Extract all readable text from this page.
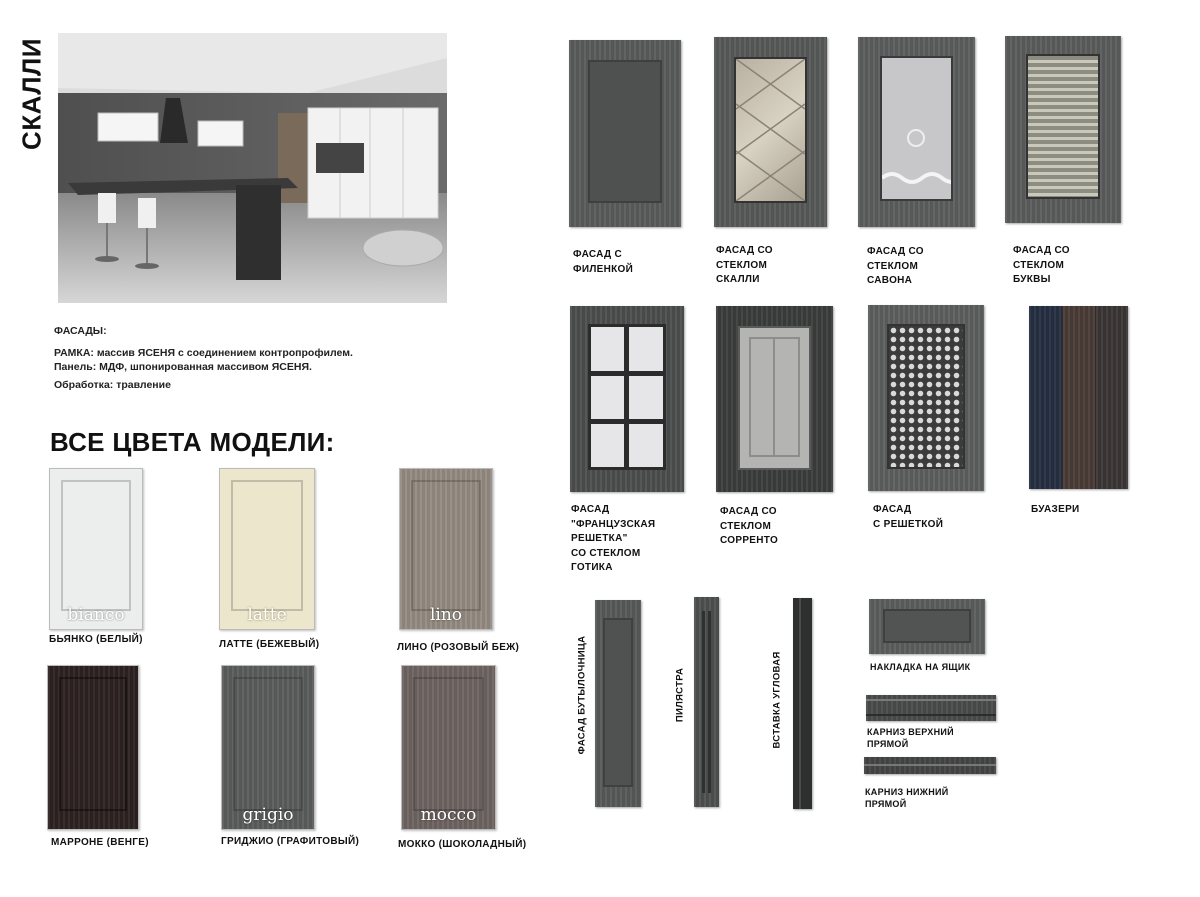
СКАЛЛИ
ФАСАДЫ:
РАМКА: массив ЯСЕНЯ с соединением контропрофилем.
Панель: МДФ, шпонированная массивом ЯСЕНЯ.
Обработка: травление
ВСЕ ЦВЕТА МОДЕЛИ:
bianco
БЬЯНКО (БЕЛЫЙ)
latte
ЛАТТЕ (БЕЖЕВЫЙ)
lino
ЛИНО (РОЗОВЫЙ БЕЖ)
МАРРОНЕ (ВЕНГЕ)
grigio
ГРИДЖИО (ГРАФИТОВЫЙ)
mocco
МОККО (ШОКОЛАДНЫЙ)
ФАСАД С
ФИЛЕНКОЙ
ФАСАД СО
СТЕКЛОМ
СКАЛЛИ
ФАСАД СО
СТЕКЛОМ
САВОНА
ФАСАД СО
СТЕКЛОМ
БУКВЫ
ФАСАД
"ФРАНЦУЗСКАЯ
РЕШЕТКА"
СО СТЕКЛОМ
ГОТИКА
ФАСАД СО
СТЕКЛОМ
СОРРЕНТО
ФАСАД
С РЕШЕТКОЙ
БУАЗЕРИ
ФАСАД БУТЫЛОЧНИЦА	ПИЛЯСТРА	ВСТАВКА УГЛОВАЯ	НАКЛАДКА НА ЯЩИК
КАРНИЗ ВЕРХНИЙ
ПРЯМОЙ
КАРНИЗ НИЖНИЙ
ПРЯМОЙ
